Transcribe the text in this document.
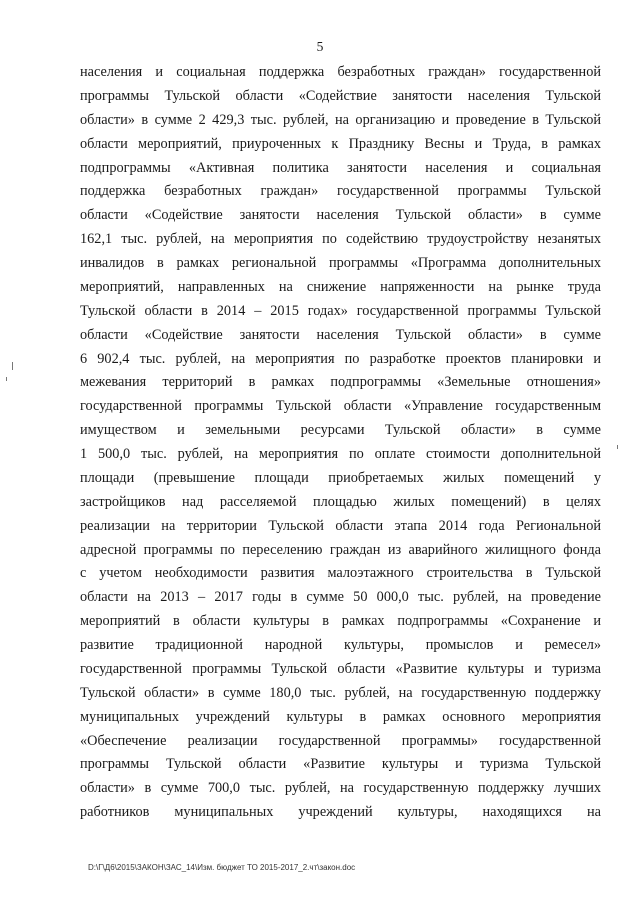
5
населения и социальная поддержка безработных граждан» государственной
программы Тульской области «Содействие занятости населения Тульской
области» в сумме 2 429,3 тыс. рублей, на организацию и проведение в Тульской
области мероприятий, приуроченных к Празднику Весны и Труда, в рамках
подпрограммы «Активная политика занятости населения и социальная
поддержка безработных граждан» государственной программы Тульской
области «Содействие занятости населения Тульской области» в сумме
162,1 тыс. рублей, на мероприятия по содействию трудоустройству незанятых
инвалидов в рамках региональной программы «Программа дополнительных
мероприятий, направленных на снижение напряженности на рынке труда
Тульской области в 2014 – 2015 годах» государственной программы Тульской
области «Содействие занятости населения Тульской области» в сумме
6 902,4 тыс. рублей, на мероприятия по разработке проектов планировки и
межевания территорий в рамках подпрограммы «Земельные отношения»
государственной программы Тульской области «Управление государственным
имуществом и земельными ресурсами Тульской области» в сумме
1 500,0 тыс. рублей, на мероприятия по оплате стоимости дополнительной
площади (превышение площади приобретаемых жилых помещений у
застройщиков над расселяемой площадью жилых помещений) в целях
реализации на территории Тульской области этапа 2014 года Региональной
адресной программы по переселению граждан из аварийного жилищного фонда
с учетом необходимости развития малоэтажного строительства в Тульской
области на 2013 – 2017 годы в сумме 50 000,0 тыс. рублей, на проведение
мероприятий в области культуры в рамках подпрограммы «Сохранение и
развитие традиционной народной культуры, промыслов и ремесел»
государственной программы Тульской области «Развитие культуры и туризма
Тульской области» в сумме 180,0 тыс. рублей, на государственную поддержку
муниципальных учреждений культуры в рамках основного мероприятия
«Обеспечение реализации государственной программы» государственной
программы Тульской области «Развитие культуры и туризма Тульской
области» в сумме 700,0 тыс. рублей, на государственную поддержку лучших
работников муниципальных учреждений культуры, находящихся на
D:\Г\Д6\2015\ЗАКОН\ЗАС_14\Изм. бюджет ТО 2015-2017_2.чт\закон.doc
